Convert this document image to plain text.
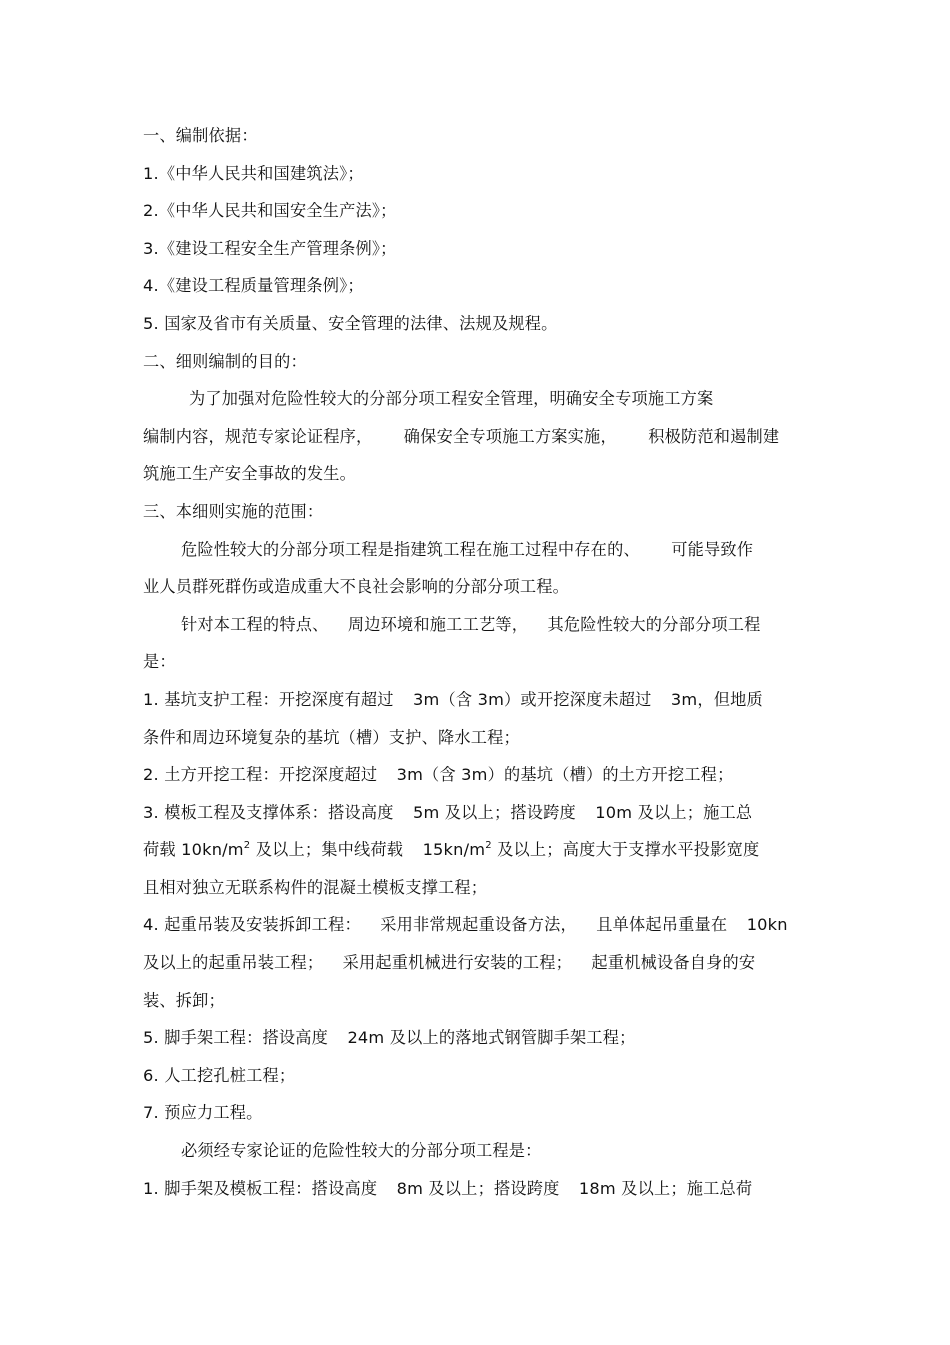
一、编制依据：
1.《中华人民共和国建筑法》；
2.《中华人民共和国安全生产法》；
3.《建设工程安全生产管理条例》；
4.《建设工程质量管理条例》；
5. 国家及省市有关质量、安全管理的法律、法规及规程。
二、细则编制的目的：
为了加强对危险性较大的分部分项工程安全管理，明确安全专项施工方案
编制内容，规范专家论证程序， 确保安全专项施工方案实施， 积极防范和遏制建
筑施工生产安全事故的发生。
三、本细则实施的范围：
危险性较大的分部分项工程是指建筑工程在施工过程中存在的、 可能导致作
业人员群死群伤或造成重大不良社会影响的分部分项工程。
针对本工程的特点、 周边环境和施工工艺等， 其危险性较大的分部分项工程
是：
1. 基坑支护工程：开挖深度有超过 3m（含 3m）或开挖深度未超过 3m，但地质
条件和周边环境复杂的基坑（槽）支护、降水工程；
2. 土方开挖工程：开挖深度超过 3m（含 3m）的基坑（槽）的土方开挖工程；
3. 模板工程及支撑体系：搭设高度 5m 及以上；搭设跨度 10m 及以上；施工总
荷载 $10kn/m^2$ 及以上；集中线荷载 $15kn/m^2$ 及以上；高度大于支撑水平投影宽度
且相对独立无联系构件的混凝土模板支撑工程；
4. 起重吊装及安装拆卸工程： 采用非常规起重设备方法， 且单体起吊重量在 10kn
及以上的起重吊装工程； 采用起重机械进行安装的工程； 起重机械设备自身的安
装、拆卸；
5. 脚手架工程：搭设高度 24m 及以上的落地式钢管脚手架工程；
6. 人工挖孔桩工程；
7. 预应力工程。
必须经专家论证的危险性较大的分部分项工程是：
1. 脚手架及模板工程：搭设高度 8m 及以上；搭设跨度 18m 及以上；施工总荷
